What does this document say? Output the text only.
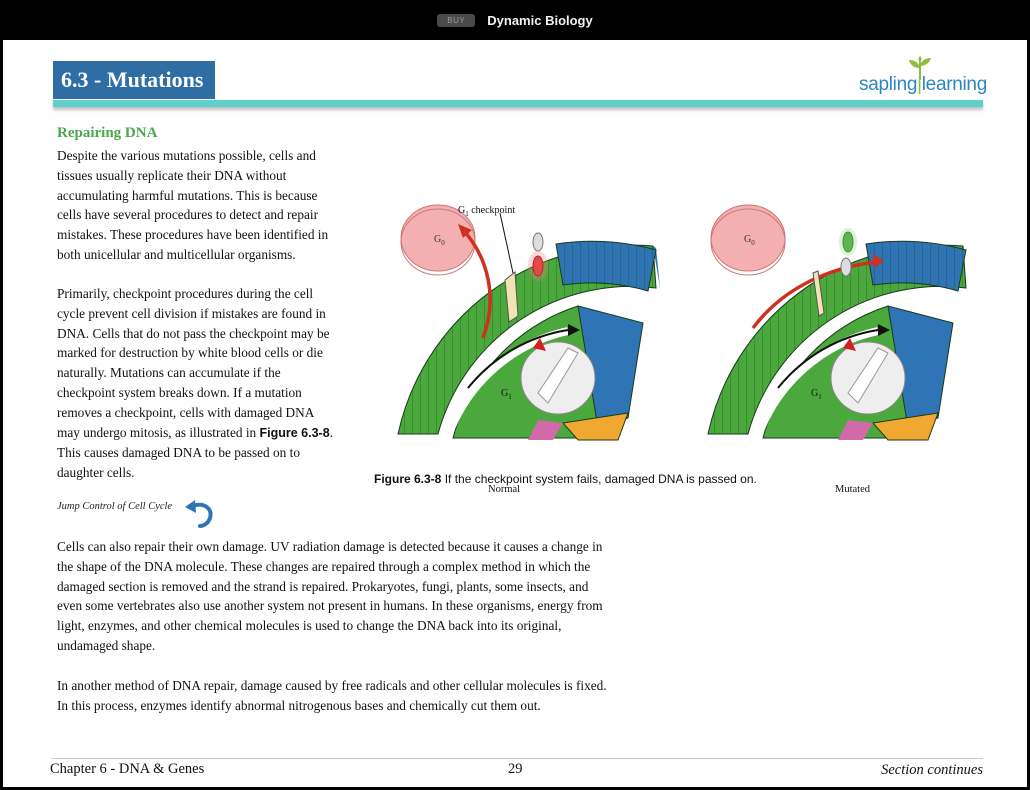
BUY	Dynamic Biology
6.3 - Mutations	sapling|learning
Repairing DNA
Despite the various mutations possible, cells and
tissues usually replicate their DNA without
accumulating harmful mutations. This is because
cells have several procedures to detect and repair
mistakes. These procedures have been identified in
both unicellular and multicellular organisms.
Primarily, checkpoint procedures during the cell
cycle prevent cell division if mistakes are found in
DNA. Cells that do not pass the checkpoint may be
marked for destruction by white blood cells or die
naturally. Mutations can accumulate if the
checkpoint system breaks down. If a mutation
removes a checkpoint, cells with damaged DNA
may undergo mitosis, as illustrated in Figure 6.3-8.
This causes damaged DNA to be passed on to
daughter cells.
Jump Control of Cell Cycle
$G_0$
$G_1$ checkpoint
$G_1$
Normal
$G_0$
$G_1$
Mutated
Figure 6.3-8 If the checkpoint system fails, damaged DNA is passed on.
Cells can also repair their own damage. UV radiation damage is detected because it causes a change in
the shape of the DNA molecule. These changes are repaired through a complex method in which the
damaged section is removed and the strand is repaired. Prokaryotes, fungi, plants, some insects, and
even some vertebrates also use another system not present in humans. In these organisms, energy from
light, enzymes, and other chemical molecules is used to change the DNA back into its original,
undamaged shape.
In another method of DNA repair, damage caused by free radicals and other cellular molecules is fixed.
In this process, enzymes identify abnormal nitrogenous bases and chemically cut them out.
Chapter 6 - DNA & Genes	29	Section continues
